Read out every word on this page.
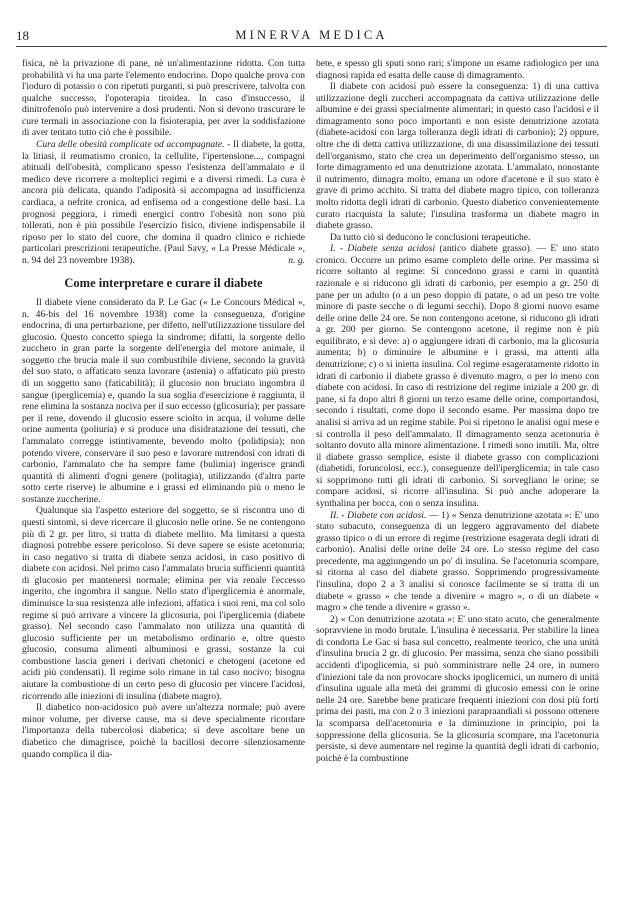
18	MINERVA MEDICA

fisica, nè la privazione di pane, nè un'alimentazione ridotta. Con tutta probabilità vi ha una parte l'elemento endocrino. Dopo qualche prova con l'ioduro di potassio o con ripetuti purganti, si può prescrivere, talvolta con qualche successo, l'opoterapia tiroidea. In caso d'insuccesso, il dinitrofenolo può intervenire a dosi prudenti. Non si devono trascurare le cure termali in associazione con la fisioterapia, per aver la soddisfazione di aver tentato tutto ciò che è possibile.

Cura delle obesità complicate od accompagnate. - Il diabete, la gotta, la litiasi, il reumatismo cronico, la cellulite, l'ipertensione..., compagni abituali dell'obesità, complicano spesso l'esistenza dell'ammalato e il medico deve ricorrere a molteplici regimi e a diversi rimedi. La cura è ancora più delicata, quando l'adiposità si accompagna ad insufficienza cardiaca, a nefrite cronica, ad enfisema od a congestione delle basi. La prognosi peggiora, i rimedi energici contro l'obesità non sono più tollerati, non è più possibile l'esercizio fisico, diviene indispensabile il riposo per lo stato del cuore, che domina il quadro clinico e richiede particolari prescrizioni terapeutiche. (Paul Savy, « La Presse Médicale », n. 94 del 23 novembre 1938).	n. g.

Come interpretare e curare il diabete

Il diabete viene considerato da P. Le Gac (« Le Concours Médical », n. 46-bis del 16 novembre 1938) come la conseguenza, d'origine endocrina, di una perturbazione, per difetto, nell'utilizzazione tissulare del glucosio. Questo concetto spiega la sindrome; difatti, la sorgente dello zucchero in gran parte la sorgente dell'energia del motore animale, il soggetto che brucia male il suo combustibile diviene, secondo la gravità del suo stato, o affaticato senza lavorare (astenia) o affaticato più presto di un soggetto sano (faticabilità); il glucosio non bruciato ingombra il sangue (iperglicemia) e, quando la sua soglia d'esercizione è raggiunta, il rene elimina la sostanza nociva per il suo eccesso (glicosuria); per passare per il rene, dovendo il glucosio essere sciolto in acqua, il volume delle orine aumenta (poliuria) e si produce una disidratazione dei tessuti, che l'ammalato corregge istintivamente, bevendo molto (polidipsia); non potendo vivere, conservare il suo peso e lavorare nutrendosi con idrati di carbonio, l'ammalato che ha sempre fame (bulimia) ingerisce grandi quantità di alimenti d'ogni genere (politagia), utilizzando (d'altra parte sotto certe riserve) le albumine e i grassi ed eliminando più o meno le sostanze zuccherine.

Qualunque sia l'aspetto esteriore del soggetto, se si riscontra uno di questi sintomi, si deve ricercare il glucosio nelle orine. Se ne contengono più di 2 gr. per litro, si tratta di diabete mellito. Ma limitarsi a questa diagnosi potrebbe essere pericoloso. Si deve sapere se esiste acetonuria; in caso negativo si tratta di diabete senza acidosi, in caso positivo di diabete con acidosi. Nel primo caso l'ammalato brucia sufficienti quantità di glucosio per mantenersi normale; elimina per via renale l'eccesso ingerito, che ingombra il sangue. Nello stato d'iperglicemia è anormale, diminuisce la sua resistenza alle infezioni, affatica i suoi reni, ma col solo regime si può arrivare a vincere la glicosuria, poi l'iperglicemia (diabete grasso). Nel secondo caso l'ammalato non utilizza una quantità di glucosio sufficiente per un metabolismo ordinario e, oltre questo glucosio, consuma alimenti albuminosi e grassi, sostanze la cui combustione lascia generi i derivati chetonici e chetogeni (acetone ed acidi più condensati). Il regime solo rimane in tal caso nocivo; bisogna aiutare la combustione di un certo peso di glucosio per vincere l'acidosi, ricorrendo alle iniezioni di insulina (diabete magro).

Il diabetico non-acidosico può avere un'altezza normale; può avere minor volume, per diverse cause, ma si deve specialmente ricordare l'importanza della tubercolosi diabetica; si deve ascoltare bene un diabetico che dimagrisce, poichè la bacillosi decorre silenziosamente quando complica il dia-

bete, e spesso gli sputi sono rari; s'impone un esame radiologico per una diagnosi rapida ed esatta delle cause di dimagramento.

Il diabete con acidosi può essere la conseguenza: 1) di una cattiva utilizzazione degli zuccheri accompagnata da cattiva utilizzazione delle albumine e dei grassi specialmente alimentari; in questo caso l'acidosi e il dimagramento sono poco importanti e non esiste denutrizione azotata (diabete-acidosi con larga tolleranza degli idrati di carbonio); 2) oppure, oltre che di detta cattiva utilizzazione, di una disassimilazione dei tessuti dell'organismo, stato che crea un deperimento dell'organismo stesso, un forte dimagramento ed una denutrizione azotata. L'ammalato, nonostante il nutrimento, dimagra molto, emana un odore d'acetone e il suo stato è grave di primo acchito. Si tratta del diabete magro tipico, con tolleranza molto ridotta degli idrati di carbonio. Questo diabetico convenientemente curato riacquista la salute; l'insulina trasforma un diabete magro in diabete grasso.

Da tutto ciò si deducono le conclusioni terapeutiche.

I. - Diabete senza acidosi (antico diabete grasso). — E' uno stato cronico. Occorre un primo esame completo delle orine. Per massima si ricorre soltanto al regime: Si concedono grassi e carni in quantità razionale e si riducono gli idrati di carbonio, per esempio a gr. 250 di pane per un adulto (o a un peso doppio di patate, o ad un peso tre volte minore di paste secche o di legumi secchi). Dopo 8 giorni nuovo esame delle orine delle 24 ore. Se non contengono acetone, si riducono gli idrati a gr. 200 per giorno. Se contengono acetone, il regime non è più equilibrato, e si deve: a) o aggiungere idrati di carbonio, ma la glicosuria aumenta; b) o diminuire le albumine e i grassi, ma attenti alla denutrizione; c) o si iniettа insulina. Col regime esageratamente ridotto in idrati di carbonio il diabete grasso è divenuto magro, o per lo meno con diabete con acidosi. In caso di restrizione del regime iniziale a 200 gr. di pane, si fa dopo altri 8 giorni un terzo esame delle orine, comportandosi, secondo i risultati, come dopo il secondo esame. Per massima dopo tre analisi si arriva ad un regime stabile. Poi si ripetono le analisi ogni mese e si controlla il peso dell'ammalato. Il dimagramento senza acetonuria è soltanto dovuto alla minore alimentazione. I rimedi sono inutili. Ma, oltre il diabete grasso semplice, esiste il diabete grasso con complicazioni (diabetidi, foruncolosi, ecc.), conseguenze dell'iperglicemia; in tale caso si sopprimono tutti gli idrati di carbonio. Si sorvegliano le orine; se compare acidosi, si ricorre all'insulina. Si può anche adoperare la synthalina per bocca, con o senza insulina.

II. - Diabete con acidosi. — 1) « Senza denutrizione azotata »: E' uno stato subacuto, conseguenza di un leggero aggravamento del diabete grasso tipico o di un errore di regime (restrizione esagerata degli idrati di carbonio). Analisi delle orine delle 24 ore. Lo stesso regime del caso precedente, ma aggiungendo un po' di insulina. Se l'acetonuria scompare, si ritorna al caso del diabete grasso. Sopprimendo progressivamente l'insulina, dopo 2 a 3 analisi si conosce facilmente se si tratta di un diabete « grasso » che tende a divenire « magro », o di un diabete « magro » che tende a divenire « grasso ».

2) « Con denutrizione azotata »: E' uno stato acuto, che generalmente sopravviene in modo brutale. L'insulina è necessaria. Per stabilire la linea di condotta Le Gac si basa sul concetto, realmente teorico, che una unità d'insulina brucia 2 gr. di glucosio. Per massima, senza che siano possibili accidenti d'ipoglicemia, si può somministrare nelle 24 ore, in numero d'iniezioni tale da non provocare shocks ipoglicemici, un numero di unità d'insulina uguale alla metà dei grammi di glucosio emessi con le orine nelle 24 ore. Sarebbe bene praticare frequenti iniezioni con dosi più forti prima dei pasti, ma con 2 o 3 iniezioni parapraandiali si possono ottenere la scomparsa dell'acetonuria e la diminuzione in principio, poi la soppressione della glicosuria. Se la glicosuria scompare, ma l'acetonuria persiste, si deve aumentare nel regime la quantità degli idrati di carbonio, poichè è la combustione
